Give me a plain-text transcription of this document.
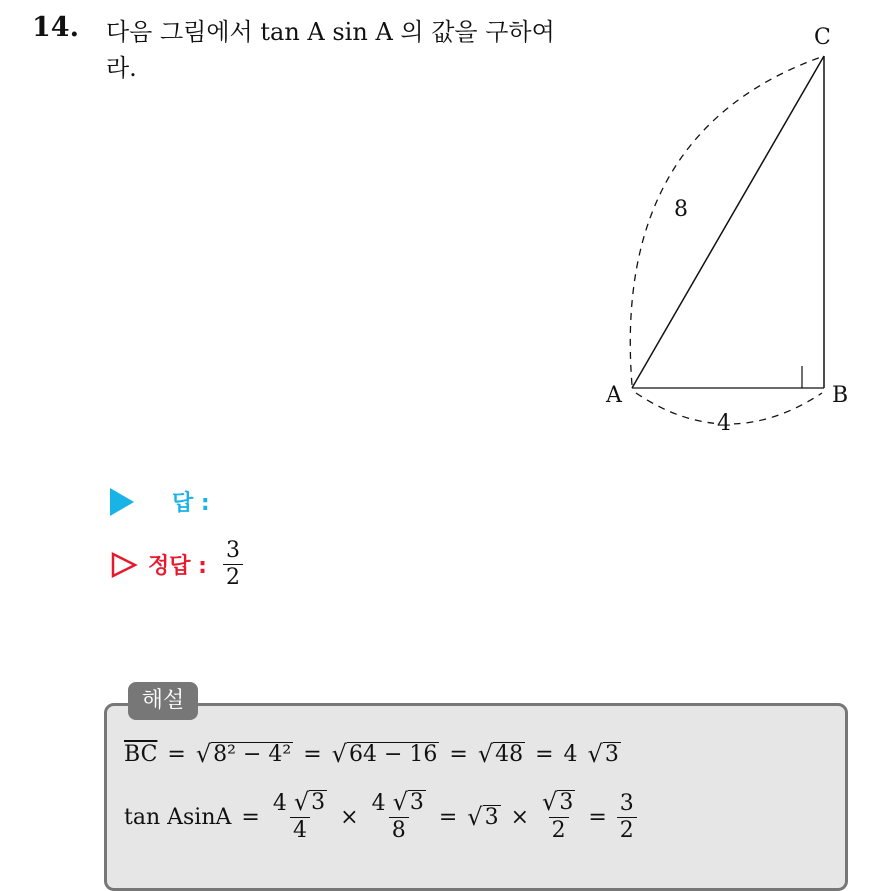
14. 다음 그림에서 tan A sin A 의 값을 구하여
라.
A	B
C
8
4
답 :
정답 : $\frac{3}{2}$
해설
$\overline{BC}$ = √ 8² − 4² = √ 64 − 16 = √ 48 = 4 √ 3
$\tan AsinA = \frac{4 √ 3}{4} \times \frac{4 √ 3}{8}$ = √ $3 \times \frac{√ 3}{2} = \frac{3}{2}$
